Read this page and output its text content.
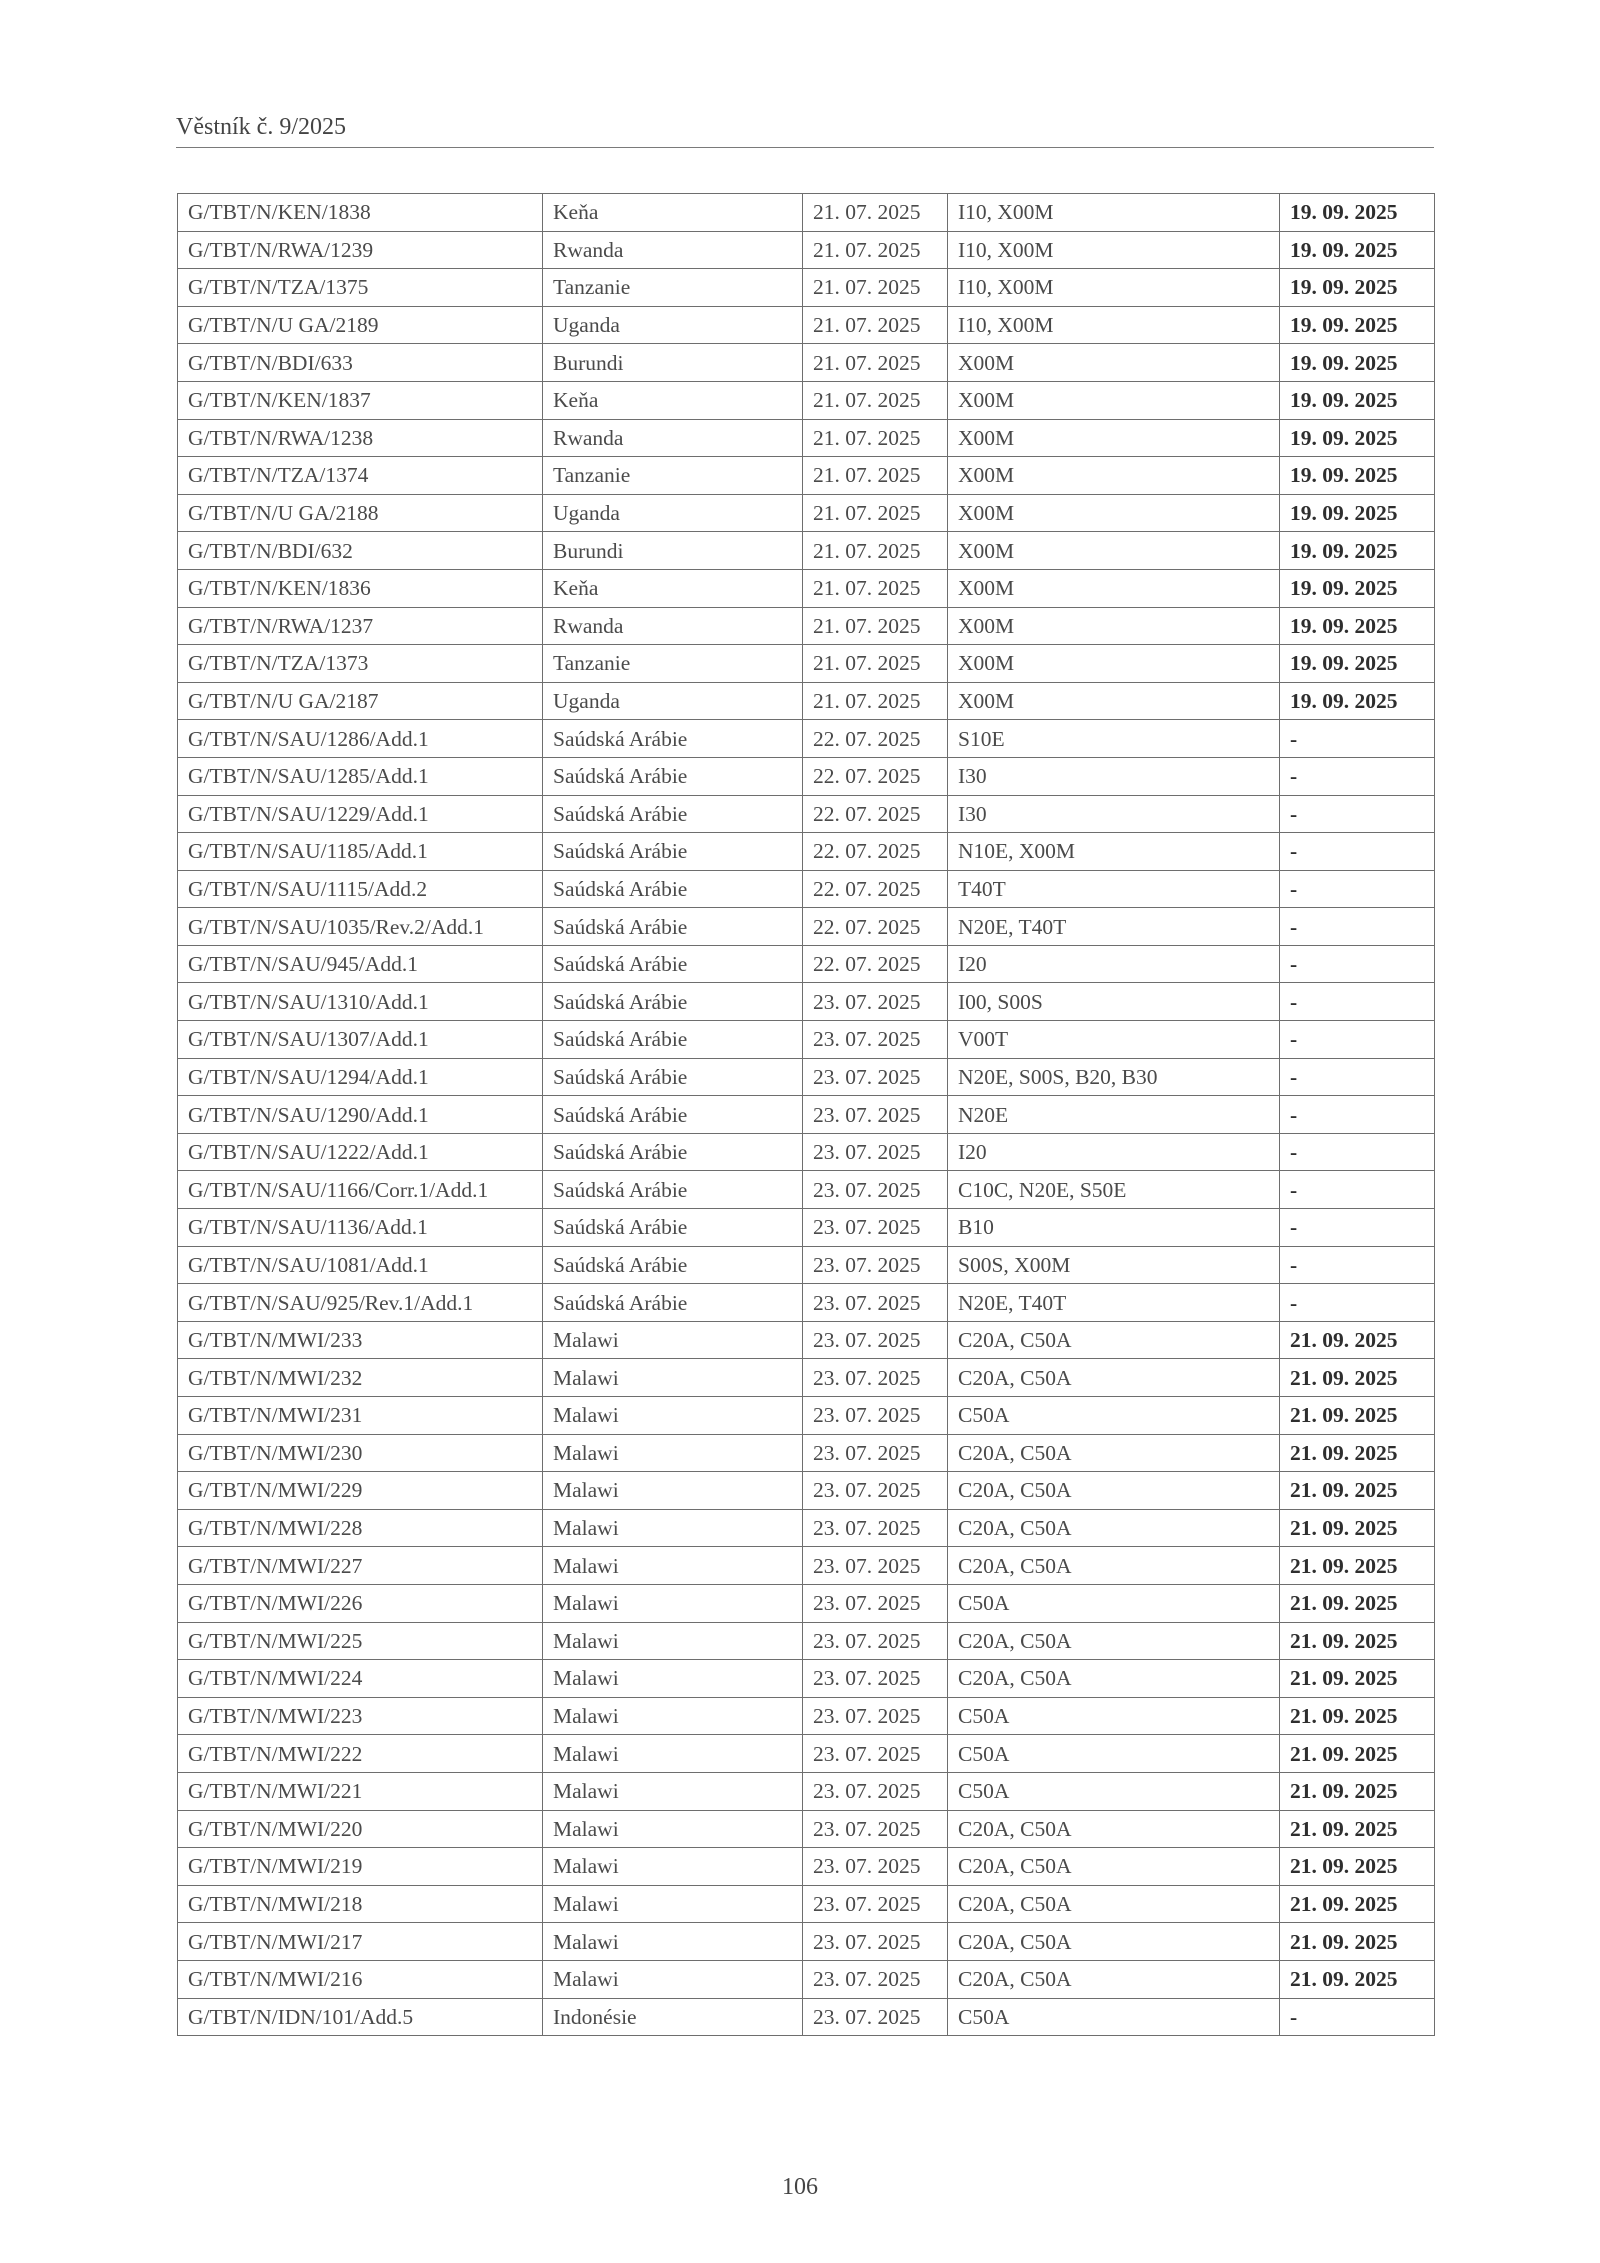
Věstník č. 9/2025
G/TBT/N/KEN/1838	Keňa	21. 07. 2025	I10, X00M	19. 09. 2025
G/TBT/N/RWA/1239	Rwanda	21. 07. 2025	I10, X00M	19. 09. 2025
G/TBT/N/TZA/1375	Tanzanie	21. 07. 2025	I10, X00M	19. 09. 2025
G/TBT/N/U GA/2189	Uganda	21. 07. 2025	I10, X00M	19. 09. 2025
G/TBT/N/BDI/633	Burundi	21. 07. 2025	X00M	19. 09. 2025
G/TBT/N/KEN/1837	Keňa	21. 07. 2025	X00M	19. 09. 2025
G/TBT/N/RWA/1238	Rwanda	21. 07. 2025	X00M	19. 09. 2025
G/TBT/N/TZA/1374	Tanzanie	21. 07. 2025	X00M	19. 09. 2025
G/TBT/N/U GA/2188	Uganda	21. 07. 2025	X00M	19. 09. 2025
G/TBT/N/BDI/632	Burundi	21. 07. 2025	X00M	19. 09. 2025
G/TBT/N/KEN/1836	Keňa	21. 07. 2025	X00M	19. 09. 2025
G/TBT/N/RWA/1237	Rwanda	21. 07. 2025	X00M	19. 09. 2025
G/TBT/N/TZA/1373	Tanzanie	21. 07. 2025	X00M	19. 09. 2025
G/TBT/N/U GA/2187	Uganda	21. 07. 2025	X00M	19. 09. 2025
G/TBT/N/SAU/1286/Add.1	Saúdská Arábie	22. 07. 2025	S10E	-
G/TBT/N/SAU/1285/Add.1	Saúdská Arábie	22. 07. 2025	I30	-
G/TBT/N/SAU/1229/Add.1	Saúdská Arábie	22. 07. 2025	I30	-
G/TBT/N/SAU/1185/Add.1	Saúdská Arábie	22. 07. 2025	N10E, X00M	-
G/TBT/N/SAU/1115/Add.2	Saúdská Arábie	22. 07. 2025	T40T	-
G/TBT/N/SAU/1035/Rev.2/Add.1	Saúdská Arábie	22. 07. 2025	N20E, T40T	-
G/TBT/N/SAU/945/Add.1	Saúdská Arábie	22. 07. 2025	I20	-
G/TBT/N/SAU/1310/Add.1	Saúdská Arábie	23. 07. 2025	I00, S00S	-
G/TBT/N/SAU/1307/Add.1	Saúdská Arábie	23. 07. 2025	V00T	-
G/TBT/N/SAU/1294/Add.1	Saúdská Arábie	23. 07. 2025	N20E, S00S, B20, B30	-
G/TBT/N/SAU/1290/Add.1	Saúdská Arábie	23. 07. 2025	N20E	-
G/TBT/N/SAU/1222/Add.1	Saúdská Arábie	23. 07. 2025	I20	-
G/TBT/N/SAU/1166/Corr.1/Add.1	Saúdská Arábie	23. 07. 2025	C10C, N20E, S50E	-
G/TBT/N/SAU/1136/Add.1	Saúdská Arábie	23. 07. 2025	B10	-
G/TBT/N/SAU/1081/Add.1	Saúdská Arábie	23. 07. 2025	S00S, X00M	-
G/TBT/N/SAU/925/Rev.1/Add.1	Saúdská Arábie	23. 07. 2025	N20E, T40T	-
G/TBT/N/MWI/233	Malawi	23. 07. 2025	C20A, C50A	21. 09. 2025
G/TBT/N/MWI/232	Malawi	23. 07. 2025	C20A, C50A	21. 09. 2025
G/TBT/N/MWI/231	Malawi	23. 07. 2025	C50A	21. 09. 2025
G/TBT/N/MWI/230	Malawi	23. 07. 2025	C20A, C50A	21. 09. 2025
G/TBT/N/MWI/229	Malawi	23. 07. 2025	C20A, C50A	21. 09. 2025
G/TBT/N/MWI/228	Malawi	23. 07. 2025	C20A, C50A	21. 09. 2025
G/TBT/N/MWI/227	Malawi	23. 07. 2025	C20A, C50A	21. 09. 2025
G/TBT/N/MWI/226	Malawi	23. 07. 2025	C50A	21. 09. 2025
G/TBT/N/MWI/225	Malawi	23. 07. 2025	C20A, C50A	21. 09. 2025
G/TBT/N/MWI/224	Malawi	23. 07. 2025	C20A, C50A	21. 09. 2025
G/TBT/N/MWI/223	Malawi	23. 07. 2025	C50A	21. 09. 2025
G/TBT/N/MWI/222	Malawi	23. 07. 2025	C50A	21. 09. 2025
G/TBT/N/MWI/221	Malawi	23. 07. 2025	C50A	21. 09. 2025
G/TBT/N/MWI/220	Malawi	23. 07. 2025	C20A, C50A	21. 09. 2025
G/TBT/N/MWI/219	Malawi	23. 07. 2025	C20A, C50A	21. 09. 2025
G/TBT/N/MWI/218	Malawi	23. 07. 2025	C20A, C50A	21. 09. 2025
G/TBT/N/MWI/217	Malawi	23. 07. 2025	C20A, C50A	21. 09. 2025
G/TBT/N/MWI/216	Malawi	23. 07. 2025	C20A, C50A	21. 09. 2025
G/TBT/N/IDN/101/Add.5	Indonésie	23. 07. 2025	C50A	-
106
